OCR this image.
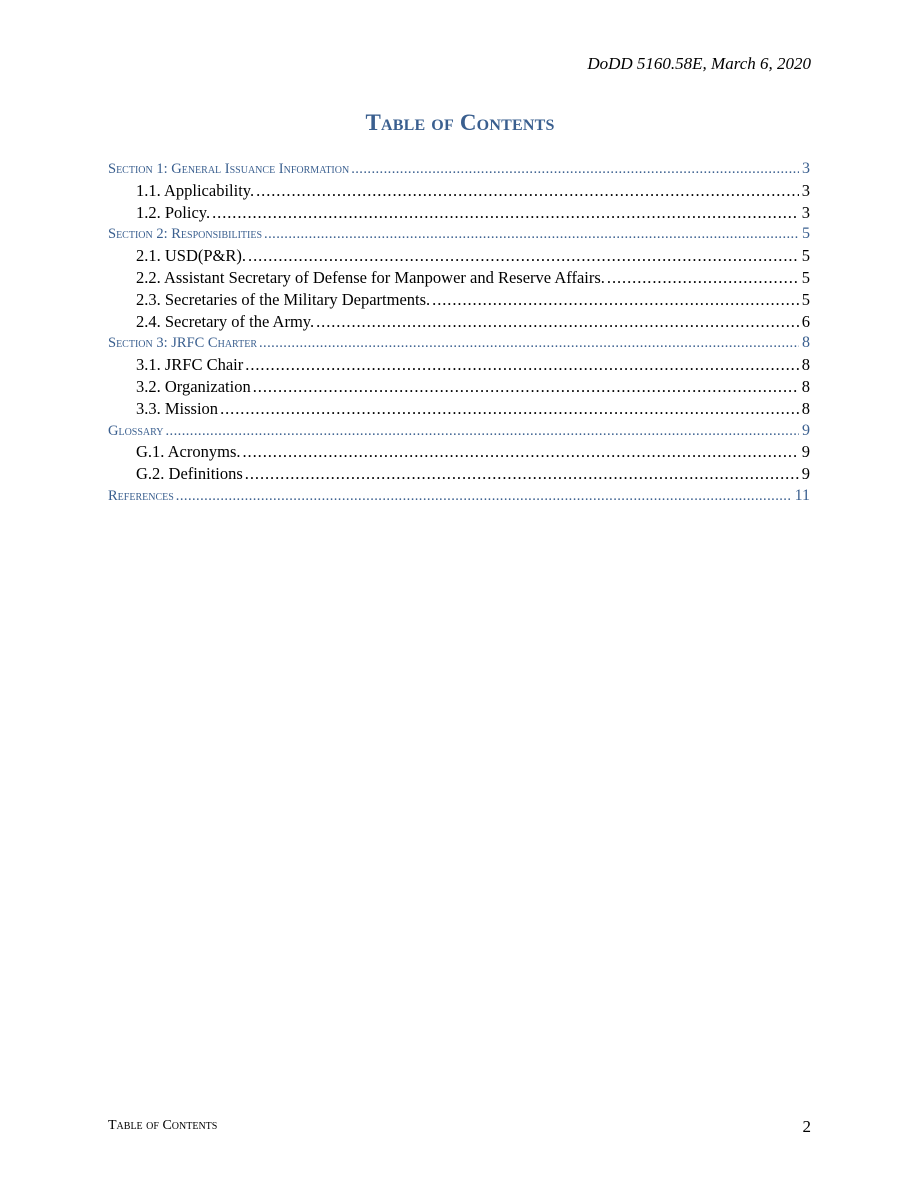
DoDD 5160.58E, March 6, 2020
Table of Contents
Section 1: General Issuance Information . . .	3
1.1. Applicability. . . .	3
1.2. Policy. . . .	3
Section 2: Responsibilities . . .	5
2.1. USD(P&R). . . .	5
2.2. Assistant Secretary of Defense for Manpower and Reserve Affairs. . . .	5
2.3. Secretaries of the Military Departments. . . .	5
2.4. Secretary of the Army. . . .	6
Section 3: JRFC Charter . . .	8
3.1. JRFC Chair . . .	8
3.2. Organization . . .	8
3.3. Mission . . .	8
Glossary . . .	9
G.1. Acronyms. . . .	9
G.2. Definitions . . .	9
References . . .	11
Table of Contents	2
